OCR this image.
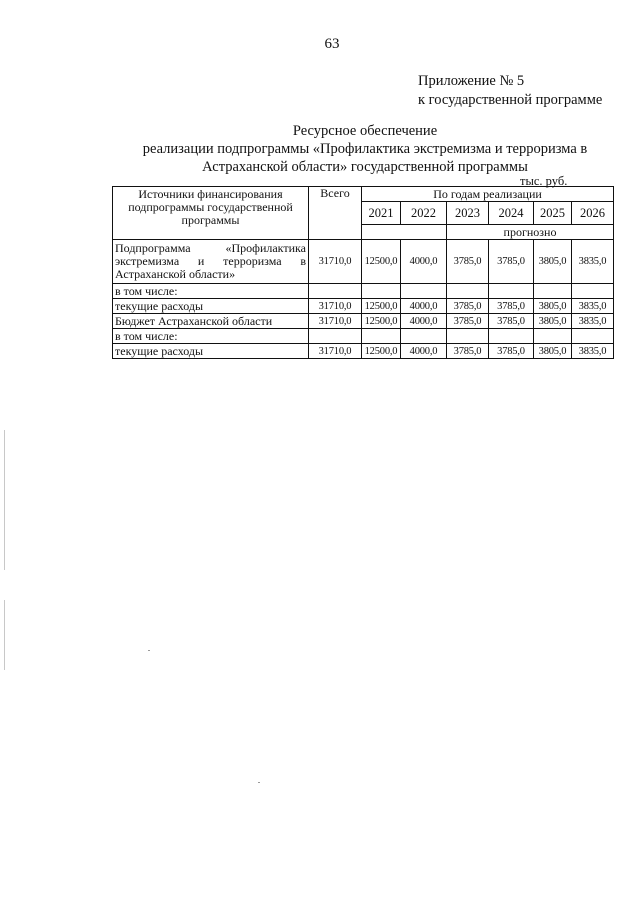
63
Приложение № 5
к государственной программе
Ресурсное обеспечение
реализации подпрограммы «Профилактика экстремизма и терроризма в
Астраханской области» государственной программы
тыс. руб.
Источники финансирования подпрограммы государственной программы	Всего	По годам реализации					
		2021	2022	2023	2024	2025	2026
				прогнозно			
Подпрограмма «Профилактика экстремизма и терроризма в Астраханской области»	31710,0	12500,0	4000,0	3785,0	3785,0	3805,0	3835,0
в том числе:							
текущие расходы	31710,0	12500,0	4000,0	3785,0	3785,0	3805,0	3835,0
Бюджет Астраханской области	31710,0	12500,0	4000,0	3785,0	3785,0	3805,0	3835,0
в том числе:							
текущие расходы	31710,0	12500,0	4000,0	3785,0	3785,0	3805,0	3835,0
